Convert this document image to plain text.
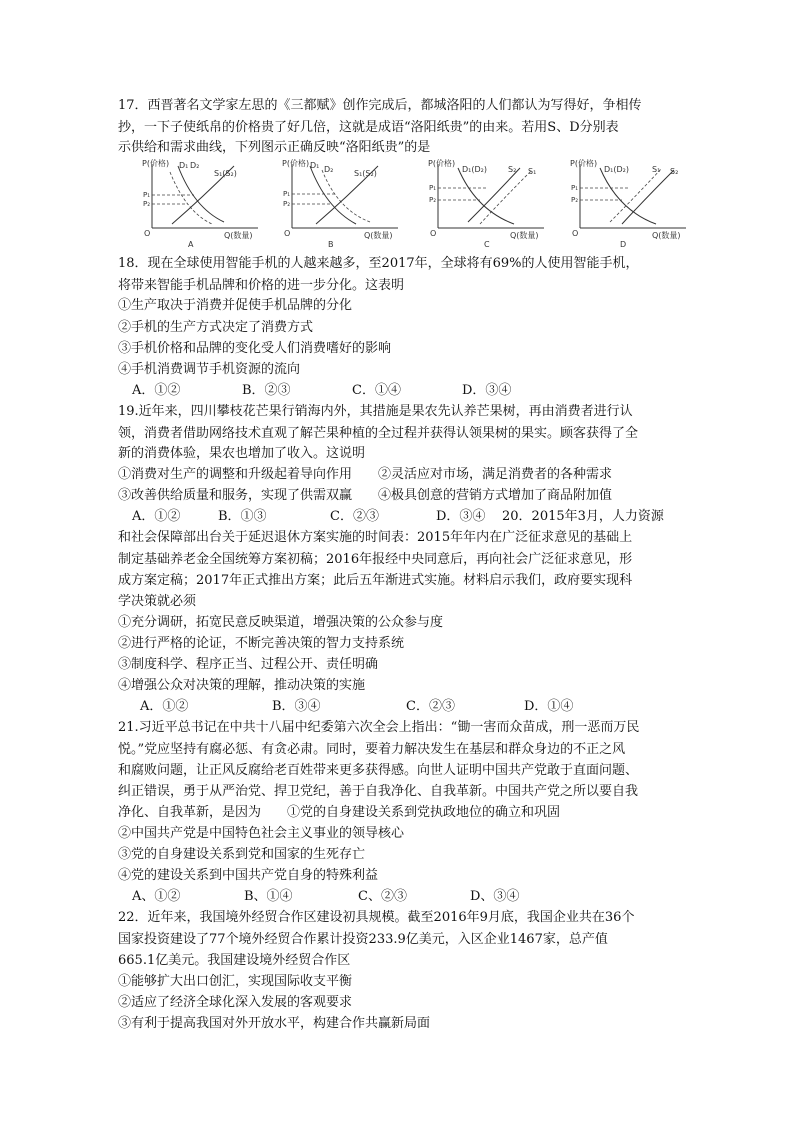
17．西晋著名文学家左思的《三都赋》创作完成后，都城洛阳的人们都认为写得好，争相传
抄，一下子使纸帛的价格贵了好几倍，这就是成语“洛阳纸贵”的由来。若用S、D分别表
示供给和需求曲线，下列图示正确反映“洛阳纸贵”的是
P(价格) D₁ D₂
S₁(S₂)
P₁
P₂
O	Q(数量)
A
P(价格) D₁ D₂	S₁(S₂)
P₁
P₂
O	Q(数量)
B
P(价格)
D₁(D₂)	S₂ S₁
P₁
P₂
O	Q(数量)
C
P(价格)
D₁(D₂)	S₁ S₂
P₁
P₂
O	Q(数量)
D
18．现在全球使用智能手机的人越来越多，至2017年，全球将有69%的人使用智能手机，
将带来智能手机品牌和价格的进一步分化。这表明
①生产取决于消费并促使手机品牌的分化
②手机的生产方式决定了消费方式
③手机价格和品牌的变化受人们消费嗜好的影响
④手机消费调节手机资源的流向
A．①②	B．②③	C．①④	D．③④
19.近年来，四川攀枝花芒果行销海内外，其措施是果农先认养芒果树，再由消费者进行认
领，消费者借助网络技术直观了解芒果种植的全过程并获得认领果树的果实。顾客获得了全
新的消费体验，果农也增加了收入。这说明
①消费对生产的调整和升级起着导向作用　　②灵活应对市场，满足消费者的各种需求
③改善供给质量和服务，实现了供需双赢　　④极具创意的营销方式增加了商品附加值
A．①②	B．①③	C．②③	D．③④ 20．2015年3月，人力资源
和社会保障部出台关于延迟退休方案实施的时间表：2015年年内在广泛征求意见的基础上
制定基础养老金全国统筹方案初稿；2016年报经中央同意后，再向社会广泛征求意见，形
成方案定稿；2017年正式推出方案；此后五年渐进式实施。材料启示我们，政府要实现科
学决策就必须
①充分调研，拓宽民意反映渠道，增强决策的公众参与度
②进行严格的论证，不断完善决策的智力支持系统
③制度科学、程序正当、过程公开、责任明确
④增强公众对决策的理解，推动决策的实施
A．①②	B．③④	C．②③	D．①④
21.习近平总书记在中共十八届中纪委第六次全会上指出：“锄一害而众苗成，刑一恶而万民
悦。”党应坚持有腐必惩、有贪必肃。同时，要着力解决发生在基层和群众身边的不正之风
和腐败问题，让正风反腐给老百姓带来更多获得感。向世人证明中国共产党敢于直面问题、
纠正错误，勇于从严治党、捍卫党纪，善于自我净化、自我革新。中国共产党之所以要自我
净化、自我革新，是因为　　①党的自身建设关系到党执政地位的确立和巩固
②中国共产党是中国特色社会主义事业的领导核心
③党的自身建设关系到党和国家的生死存亡
④党的建设关系到中国共产党自身的特殊利益
A、①②	B、①④	C、②③	D、③④
22．近年来，我国境外经贸合作区建设初具规模。截至2016年9月底，我国企业共在36个
国家投资建设了77个境外经贸合作累计投资233.9亿美元，入区企业1467家，总产值
665.1亿美元。我国建设境外经贸合作区
①能够扩大出口创汇，实现国际收支平衡
②适应了经济全球化深入发展的客观要求
③有利于提高我国对外开放水平，构建合作共赢新局面
